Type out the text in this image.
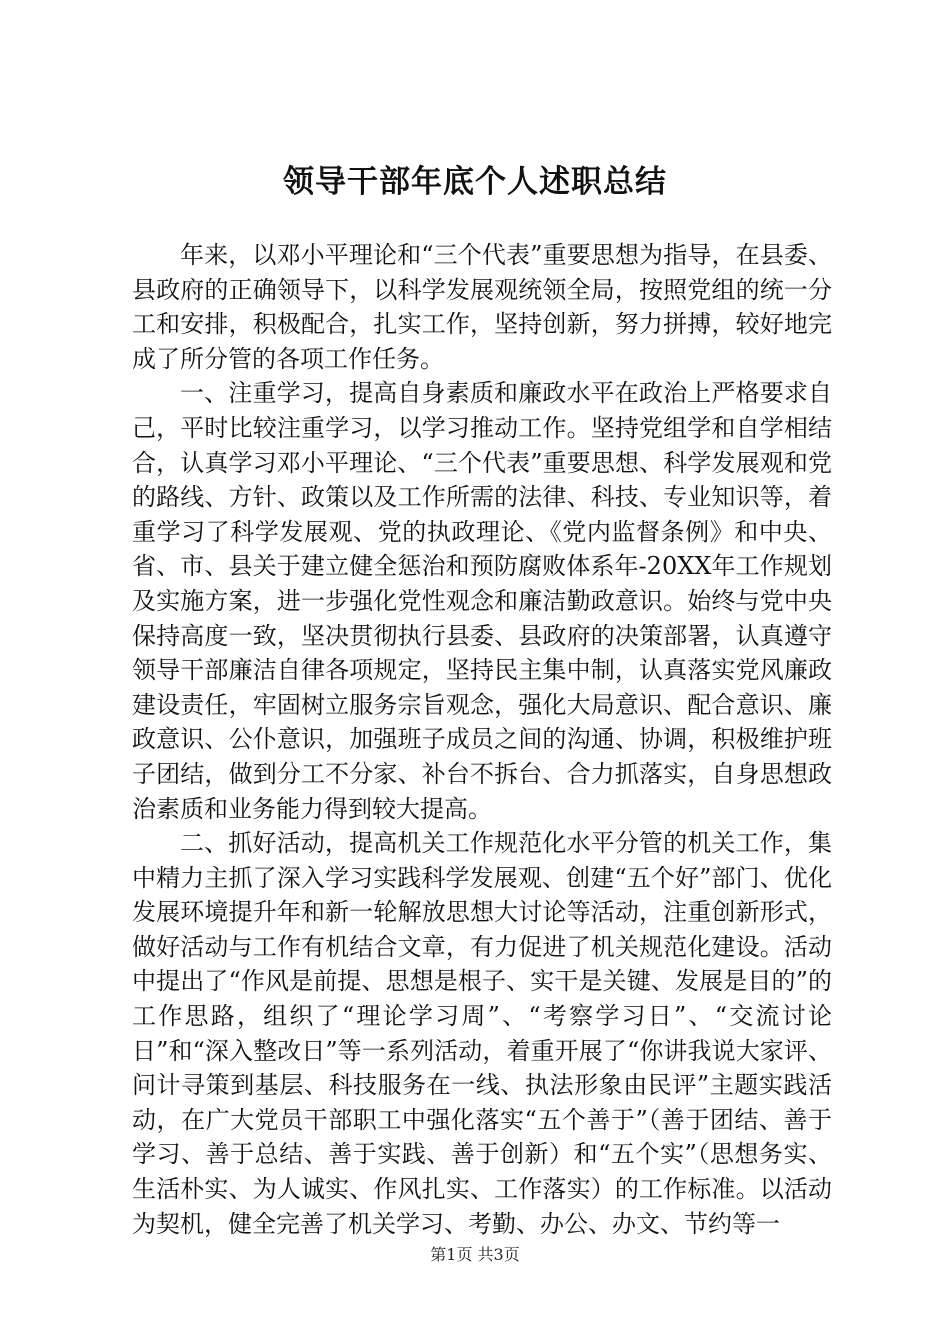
领导干部年底个人述职总结

年来，以邓小平理论和“三个代表”重要思想为指导，在县委、县政府的正确领导下，以科学发展观统领全局，按照党组的统一分工和安排，积极配合，扎实工作，坚持创新，努力拼搏，较好地完成了所分管的各项工作任务。

一、注重学习，提高自身素质和廉政水平在政治上严格要求自己，平时比较注重学习，以学习推动工作。坚持党组学和自学相结合，认真学习邓小平理论、“三个代表”重要思想、科学发展观和党的路线、方针、政策以及工作所需的法律、科技、专业知识等，着重学习了科学发展观、党的执政理论、《党内监督条例》和中央、省、市、县关于建立健全惩治和预防腐败体系年-20XX年工作规划及实施方案，进一步强化党性观念和廉洁勤政意识。始终与党中央保持高度一致，坚决贯彻执行县委、县政府的决策部署，认真遵守领导干部廉洁自律各项规定，坚持民主集中制，认真落实党风廉政建设责任，牢固树立服务宗旨观念，强化大局意识、配合意识、廉政意识、公仆意识，加强班子成员之间的沟通、协调，积极维护班子团结，做到分工不分家、补台不拆台、合力抓落实，自身思想政治素质和业务能力得到较大提高。

二、抓好活动，提高机关工作规范化水平分管的机关工作，集中精力主抓了深入学习实践科学发展观、创建“五个好”部门、优化发展环境提升年和新一轮解放思想大讨论等活动，注重创新形式，做好活动与工作有机结合文章，有力促进了机关规范化建设。活动中提出了“作风是前提、思想是根子、实干是关键、发展是目的”的工作思路，组织了“理论学习周”、“考察学习日”、“交流讨论日”和“深入整改日”等一系列活动，着重开展了“你讲我说大家评、问计寻策到基层、科技服务在一线、执法形象由民评”主题实践活动，在广大党员干部职工中强化落实“五个善于”（善于团结、善于学习、善于总结、善于实践、善于创新）和“五个实”（思想务实、生活朴实、为人诚实、作风扎实、工作落实）的工作标准。以活动为契机，健全完善了机关学习、考勤、办公、办文、节约等一

第1页 共3页
